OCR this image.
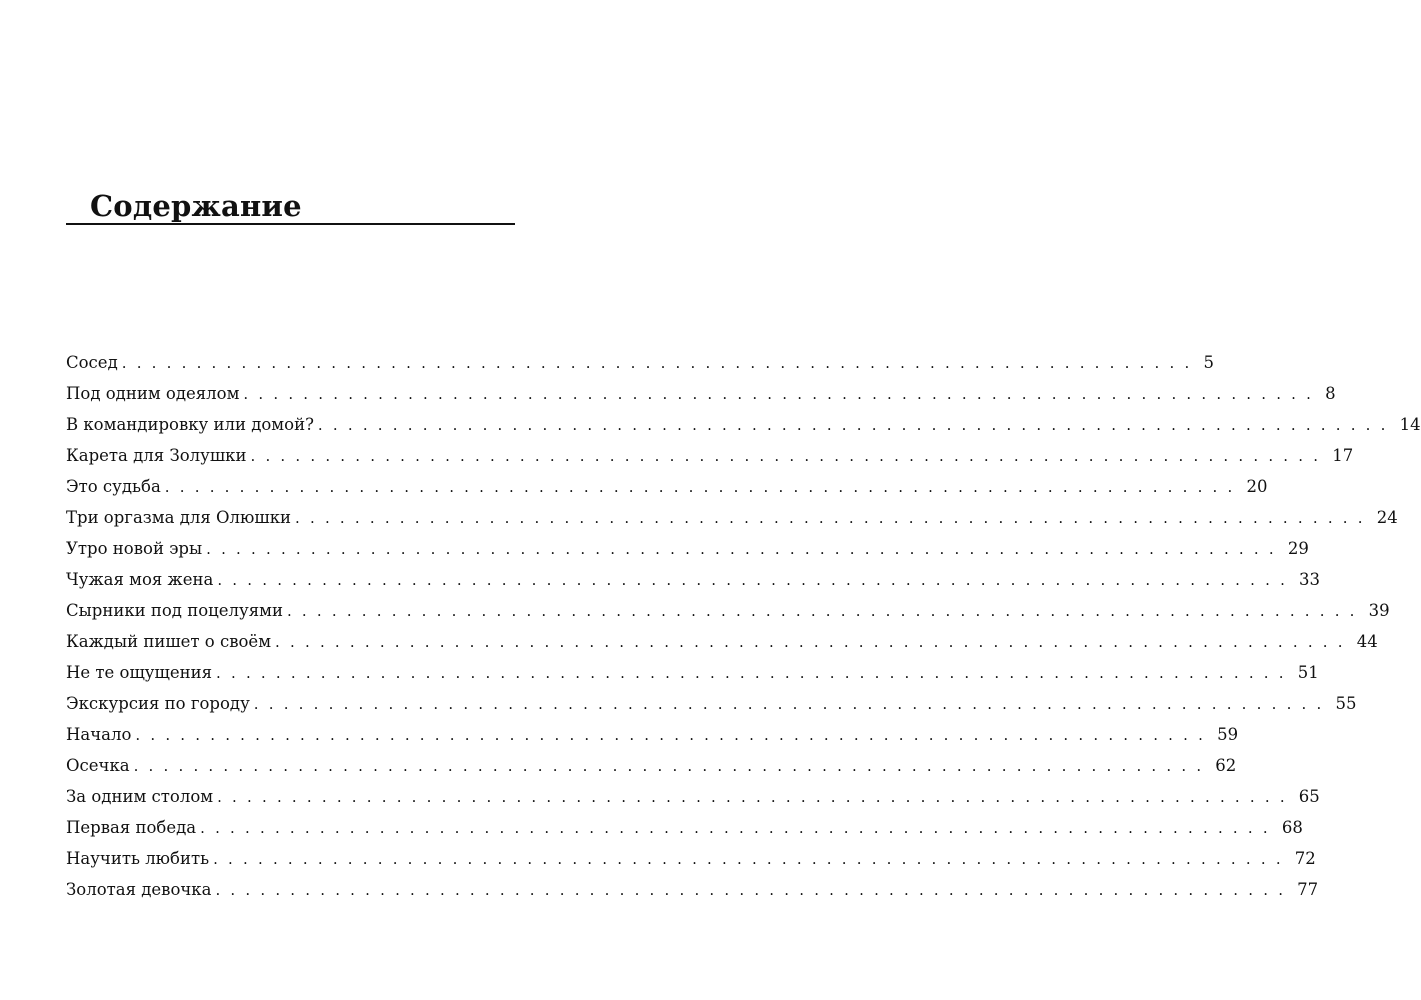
Содержание
Сосед ........................................................................ 5
Под одним одеялом ........................................................................ 8
В командировку или домой? ........................................................................ 14
Карета для Золушки ........................................................................ 17
Это судьба ........................................................................ 20
Три оргазма для Олюшки ........................................................................ 24
Утро новой эры ........................................................................ 29
Чужая моя жена ........................................................................ 33
Сырники под поцелуями ........................................................................ 39
Каждый пишет о своём ........................................................................ 44
Не те ощущения ........................................................................ 51
Экскурсия по городу ........................................................................ 55
Начало ........................................................................ 59
Осечка ........................................................................ 62
За одним столом ........................................................................ 65
Первая победа ........................................................................ 68
Научить любить ........................................................................ 72
Золотая девочка ........................................................................ 77
